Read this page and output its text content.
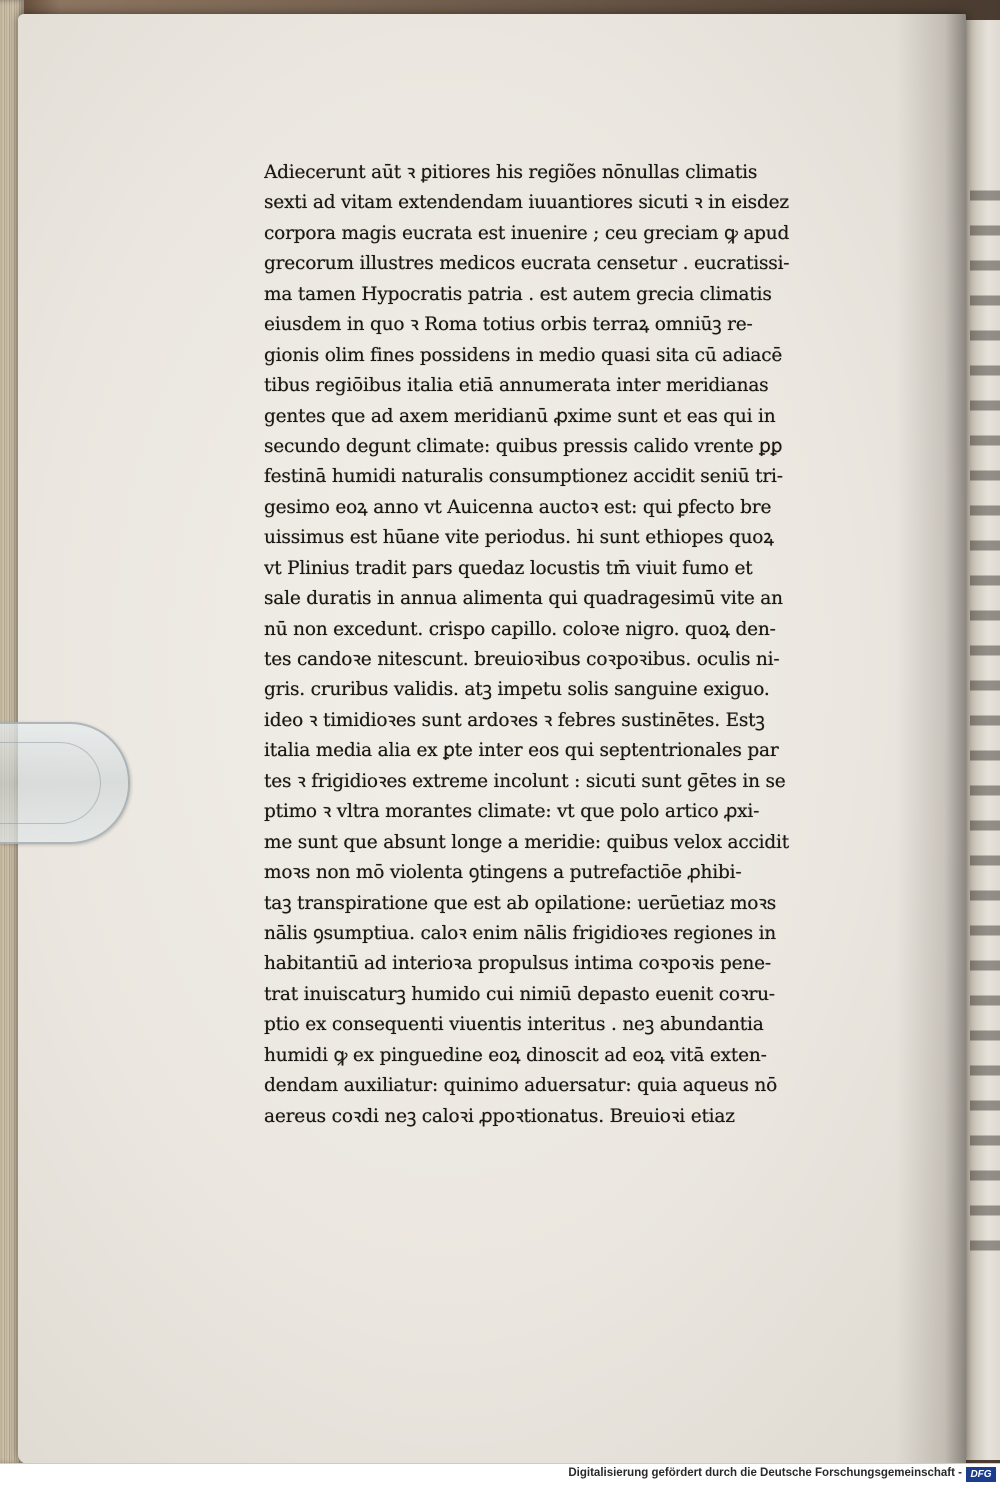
Adiecerunt aūt ꝛ ꝑitiores his regiões nōnullas climatis
sexti ad vitam extendendam iuuantiores sicuti ꝛ in eisdez
corpora magis eucrata est inuenire ; ceu greciam ꝙ apud
grecorum illustres medicos eucrata censetur . eucratissi-
ma tamen Hypocratis patria . est autem grecia climatis
eiusdem in quo ꝛ Roma totius orbis terraꝝ omniūꝫ re-
gionis olim fines possidens in medio quasi sita cū adiacē
tibus regiōibus italia etiā annumerata inter meridianas
gentes que ad axem meridianū ꝓxime sunt et eas qui in
secundo degunt climate: quibus pressis calido vrente ꝑꝑ
festinā humidi naturalis consumptionez accidit seniū tri-
gesimo eoꝝ anno vt Auicenna auctoꝛ est: qui ꝑfecto bre
uissimus est hūane vite periodus. hi sunt ethiopes quoꝝ
vt Plinius tradit pars quedaz locustis tm̄ viuit fumo et
sale duratis in annua alimenta qui quadragesimū vite an
nū non excedunt. crispo capillo. coloꝛe nigro. quoꝝ den-
tes candoꝛe nitescunt. breuioꝛibus coꝛpoꝛibus. oculis ni-
gris. cruribus validis. atꝫ impetu solis sanguine exiguo.
ideo ꝛ timidioꝛes sunt ardoꝛes ꝛ febres sustinētes. Estꝫ
italia media alia ex ꝑte inter eos qui septentrionales par
tes ꝛ frigidioꝛes extreme incolunt : sicuti sunt gētes in se
ptimo ꝛ vltra morantes climate: vt que polo artico ꝓxi-
me sunt que absunt longe a meridie: quibus velox accidit
moꝛs non mō violenta ꝯtingens a putrefactiōe ꝓhibi-
taꝫ transpiratione que est ab opilatione: uerūetiaz moꝛs
nālis ꝯsumptiua. caloꝛ enim nālis frigidioꝛes regiones in
habitantiū ad interioꝛa propulsus intima coꝛpoꝛis pene-
trat inuiscaturꝫ humido cui nimiū depasto euenit coꝛru-
ptio ex consequenti viuentis interitus . neꝫ abundantia
humidi ꝙ ex pinguedine eoꝝ dinoscit ad eoꝝ vitā exten-
dendam auxiliatur: quinimo aduersatur: quia aqueus nō
aereus coꝛdi neꝫ caloꝛi ꝓpoꝛtionatus. Breuioꝛi etiaz
Digitalisierung gefördert durch die Deutsche Forschungsgemeinschaft - DFG
